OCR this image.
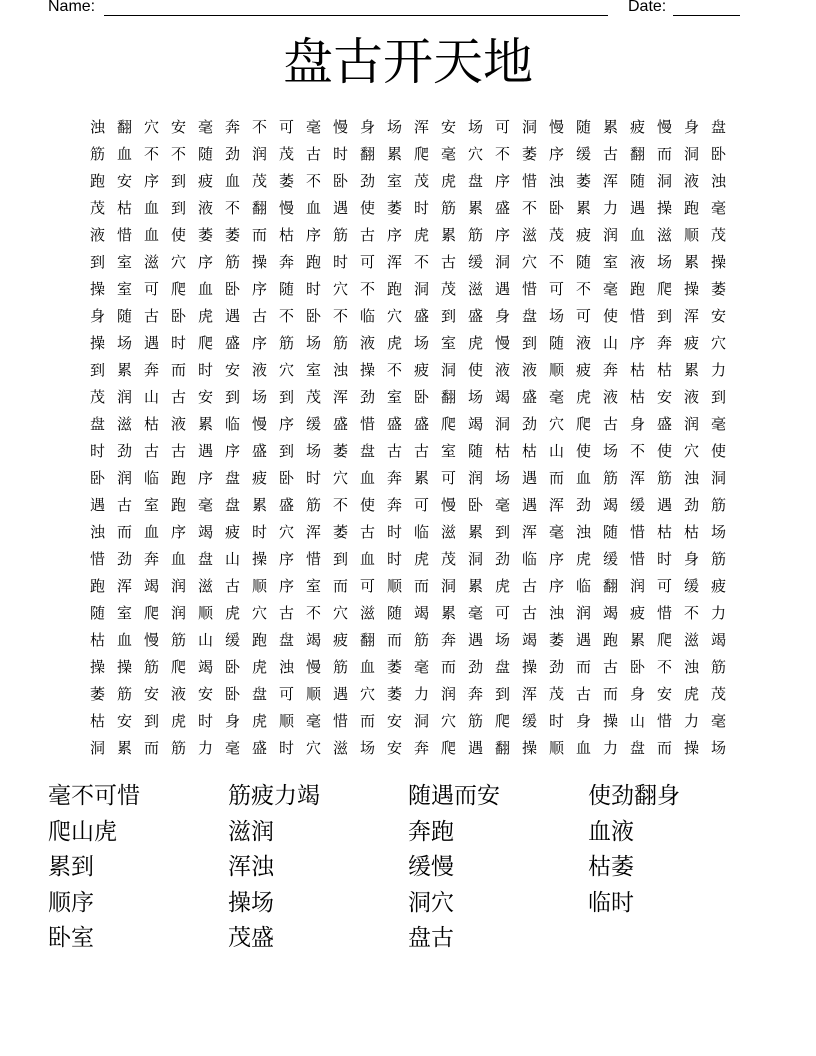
Name:	Date:
盘古开天地
浊 翻 穴 安 毫 奔 不 可 毫 慢 身 场 浑 安 场 可 洞 慢 随 累 疲 慢 身 盘
筋 血 不 不 随 劲 润 茂 古 时 翻 累 爬 毫 穴 不 萎 序 缓 古 翻 而 洞 卧
跑 安 序 到 疲 血 茂 萎 不 卧 劲 室 茂 虎 盘 序 惜 浊 萎 浑 随 洞 液 浊
茂 枯 血 到 液 不 翻 慢 血 遇 使 萎 时 筋 累 盛 不 卧 累 力 遇 操 跑 毫
液 惜 血 使 萎 萎 而 枯 序 筋 古 序 虎 累 筋 序 滋 茂 疲 润 血 滋 顺 茂
到 室 滋 穴 序 筋 操 奔 跑 时 可 浑 不 古 缓 洞 穴 不 随 室 液 场 累 操
操 室 可 爬 血 卧 序 随 时 穴 不 跑 洞 茂 滋 遇 惜 可 不 毫 跑 爬 操 萎
身 随 古 卧 虎 遇 古 不 卧 不 临 穴 盛 到 盛 身 盘 场 可 使 惜 到 浑 安
操 场 遇 时 爬 盛 序 筋 场 筋 液 虎 场 室 虎 慢 到 随 液 山 序 奔 疲 穴
到 累 奔 而 时 安 液 穴 室 浊 操 不 疲 洞 使 液 液 顺 疲 奔 枯 枯 累 力
茂 润 山 古 安 到 场 到 茂 浑 劲 室 卧 翻 场 竭 盛 毫 虎 液 枯 安 液 到
盘 滋 枯 液 累 临 慢 序 缓 盛 惜 盛 盛 爬 竭 洞 劲 穴 爬 古 身 盛 润 毫
时 劲 古 古 遇 序 盛 到 场 萎 盘 古 古 室 随 枯 枯 山 使 场 不 使 穴 使
卧 润 临 跑 序 盘 疲 卧 时 穴 血 奔 累 可 润 场 遇 而 血 筋 浑 筋 浊 洞
遇 古 室 跑 毫 盘 累 盛 筋 不 使 奔 可 慢 卧 毫 遇 浑 劲 竭 缓 遇 劲 筋
浊 而 血 序 竭 疲 时 穴 浑 萎 古 时 临 滋 累 到 浑 毫 浊 随 惜 枯 枯 场
惜 劲 奔 血 盘 山 操 序 惜 到 血 时 虎 茂 洞 劲 临 序 虎 缓 惜 时 身 筋
跑 浑 竭 润 滋 古 顺 序 室 而 可 顺 而 洞 累 虎 古 序 临 翻 润 可 缓 疲
随 室 爬 润 顺 虎 穴 古 不 穴 滋 随 竭 累 毫 可 古 浊 润 竭 疲 惜 不 力
枯 血 慢 筋 山 缓 跑 盘 竭 疲 翻 而 筋 奔 遇 场 竭 萎 遇 跑 累 爬 滋 竭
操 操 筋 爬 竭 卧 虎 浊 慢 筋 血 萎 毫 而 劲 盘 操 劲 而 古 卧 不 浊 筋
萎 筋 安 液 安 卧 盘 可 顺 遇 穴 萎 力 润 奔 到 浑 茂 古 而 身 安 虎 茂
枯 安 到 虎 时 身 虎 顺 毫 惜 而 安 洞 穴 筋 爬 缓 时 身 操 山 惜 力 毫
洞 累 而 筋 力 毫 盛 时 穴 滋 场 安 奔 爬 遇 翻 操 顺 血 力 盘 而 操 场
毫不可惜	筋疲力竭	随遇而安	使劲翻身
爬山虎	滋润	奔跑	血液
累到	浑浊	缓慢	枯萎
顺序	操场	洞穴	临时
卧室	茂盛	盘古
